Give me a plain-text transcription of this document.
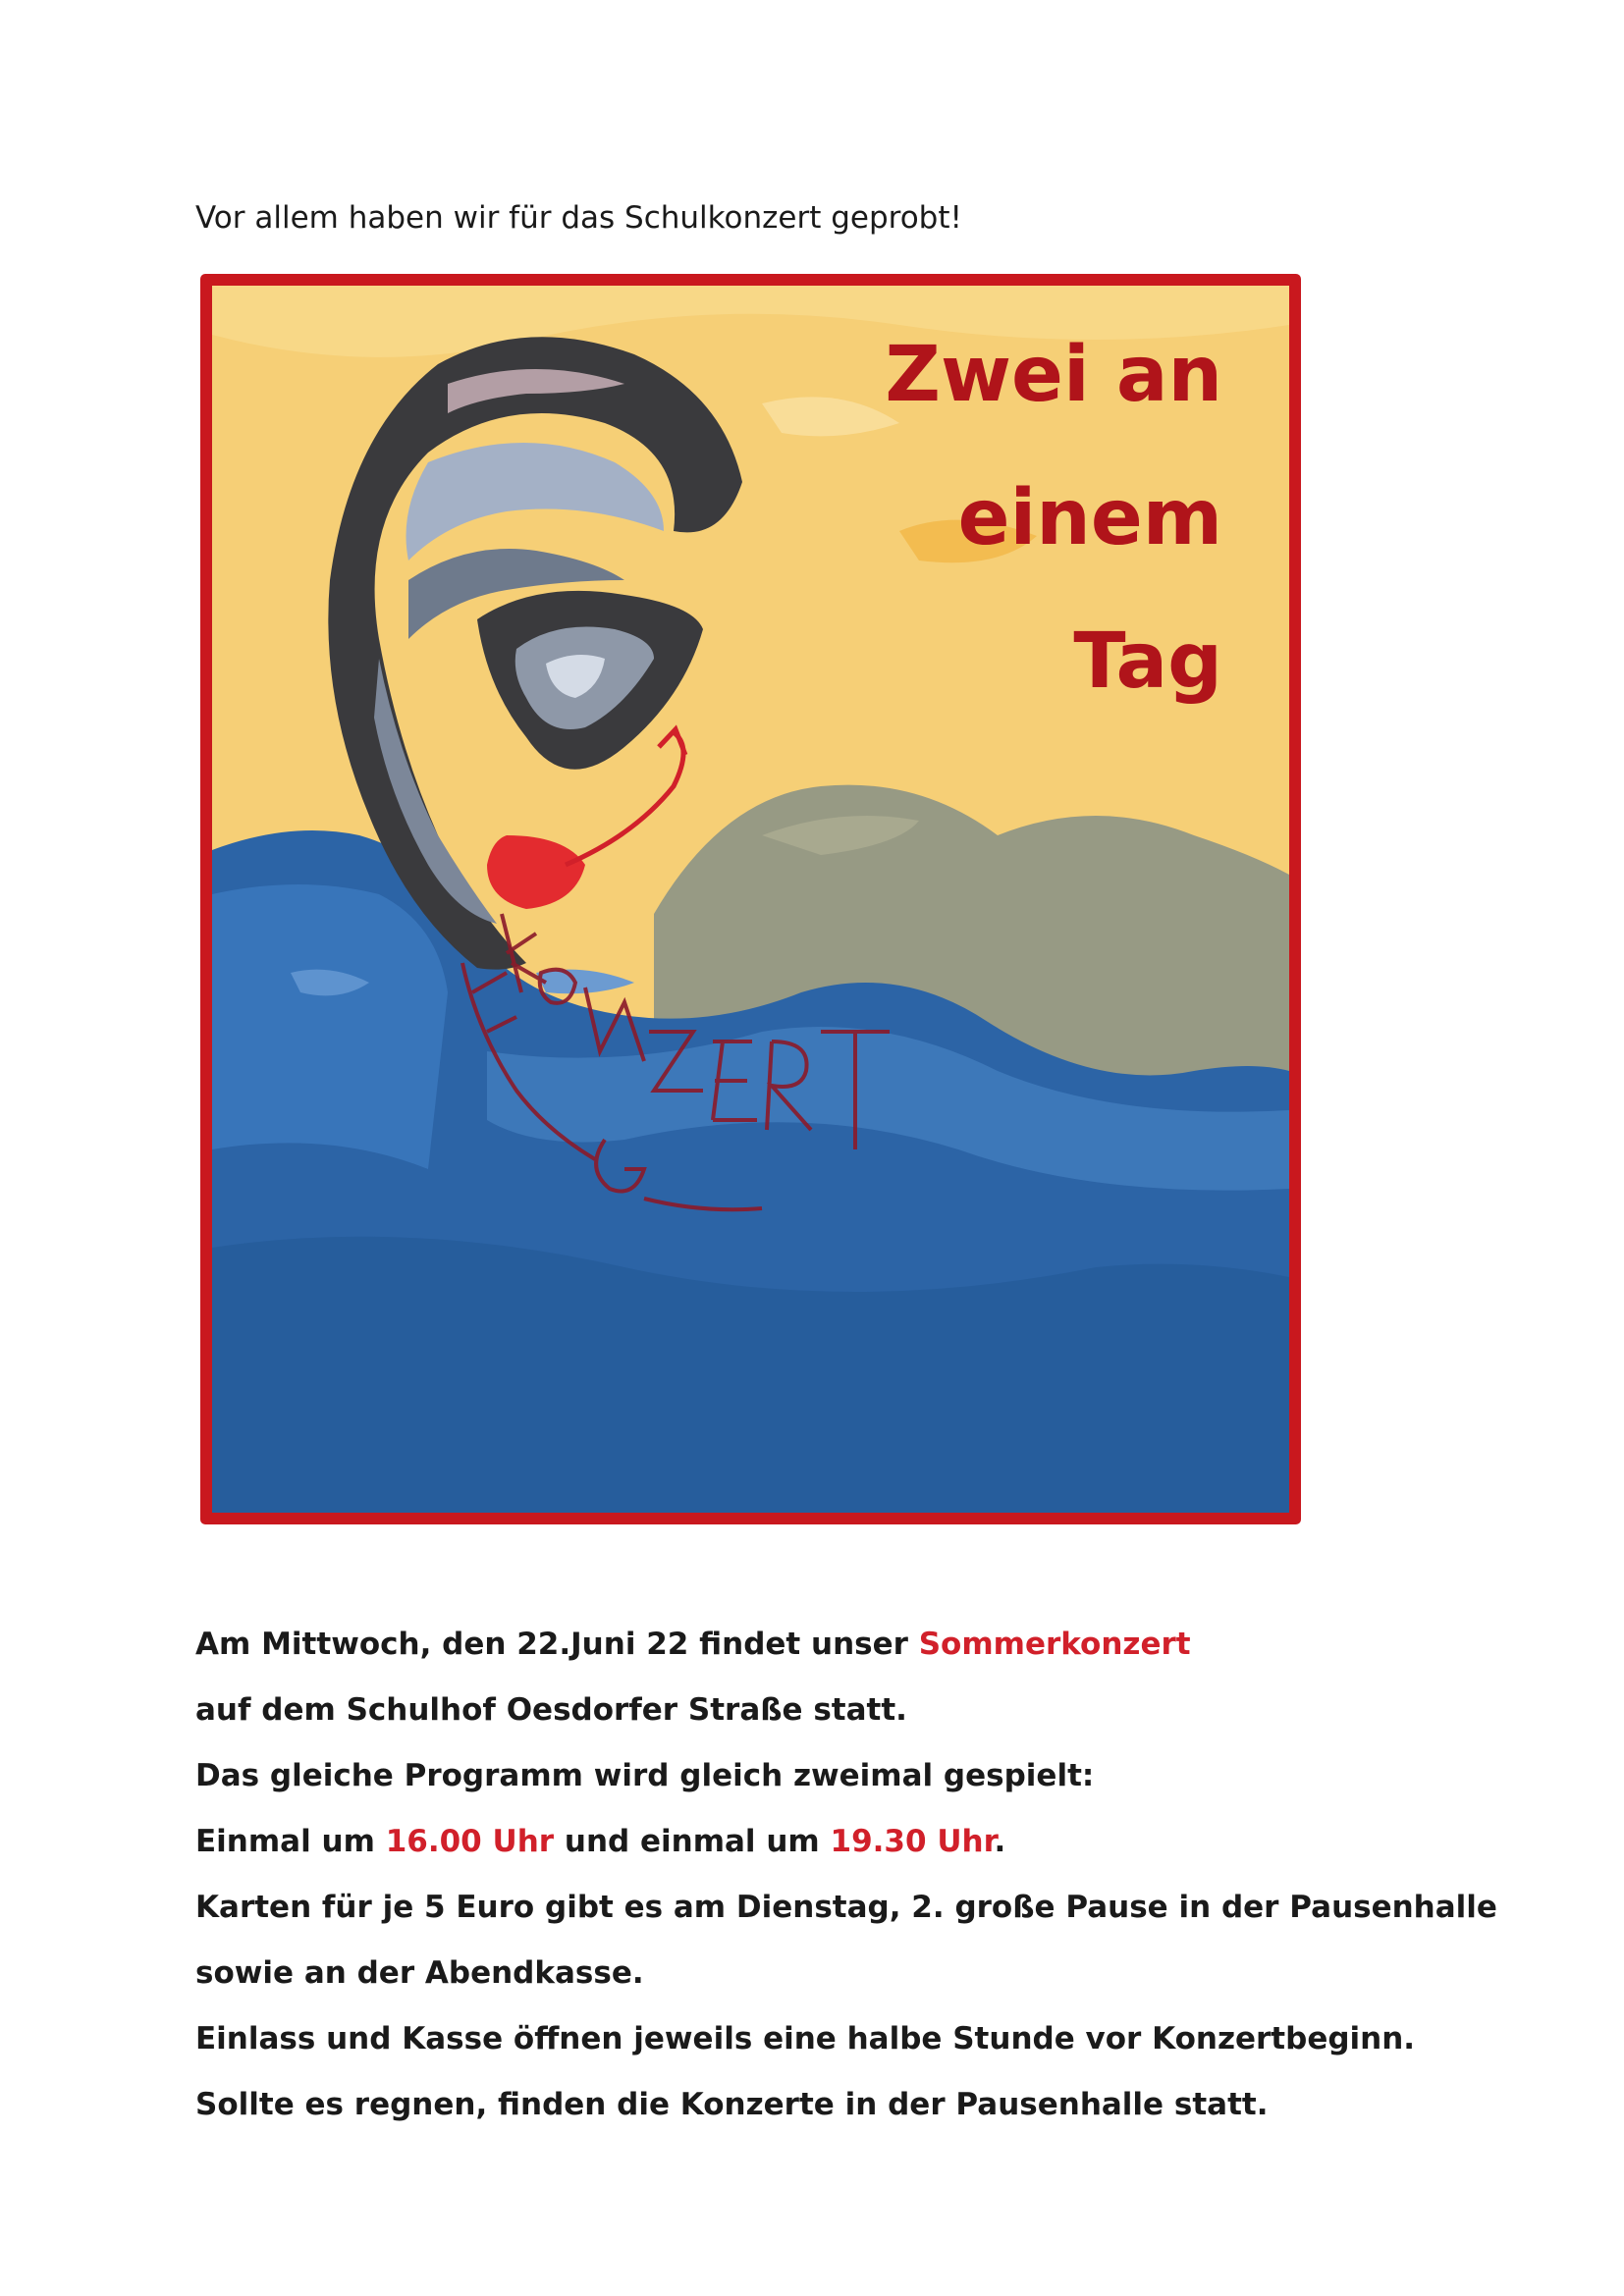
Vor allem haben wir für das Schulkonzert geprobt!

Zwei an
einem
Tag

Am Mittwoch, den 22.Juni 22 findet unser Sommerkonzert

auf dem Schulhof Oesdorfer Straße statt.

Das gleiche Programm wird gleich zweimal gespielt:

Einmal um 16.00 Uhr und einmal um 19.30 Uhr.

Karten für je 5 Euro gibt es am Dienstag, 2. große Pause in der Pausenhalle

sowie an der Abendkasse.

Einlass und Kasse öffnen jeweils eine halbe Stunde vor Konzertbeginn.

Sollte es regnen, finden die Konzerte in der Pausenhalle statt.
